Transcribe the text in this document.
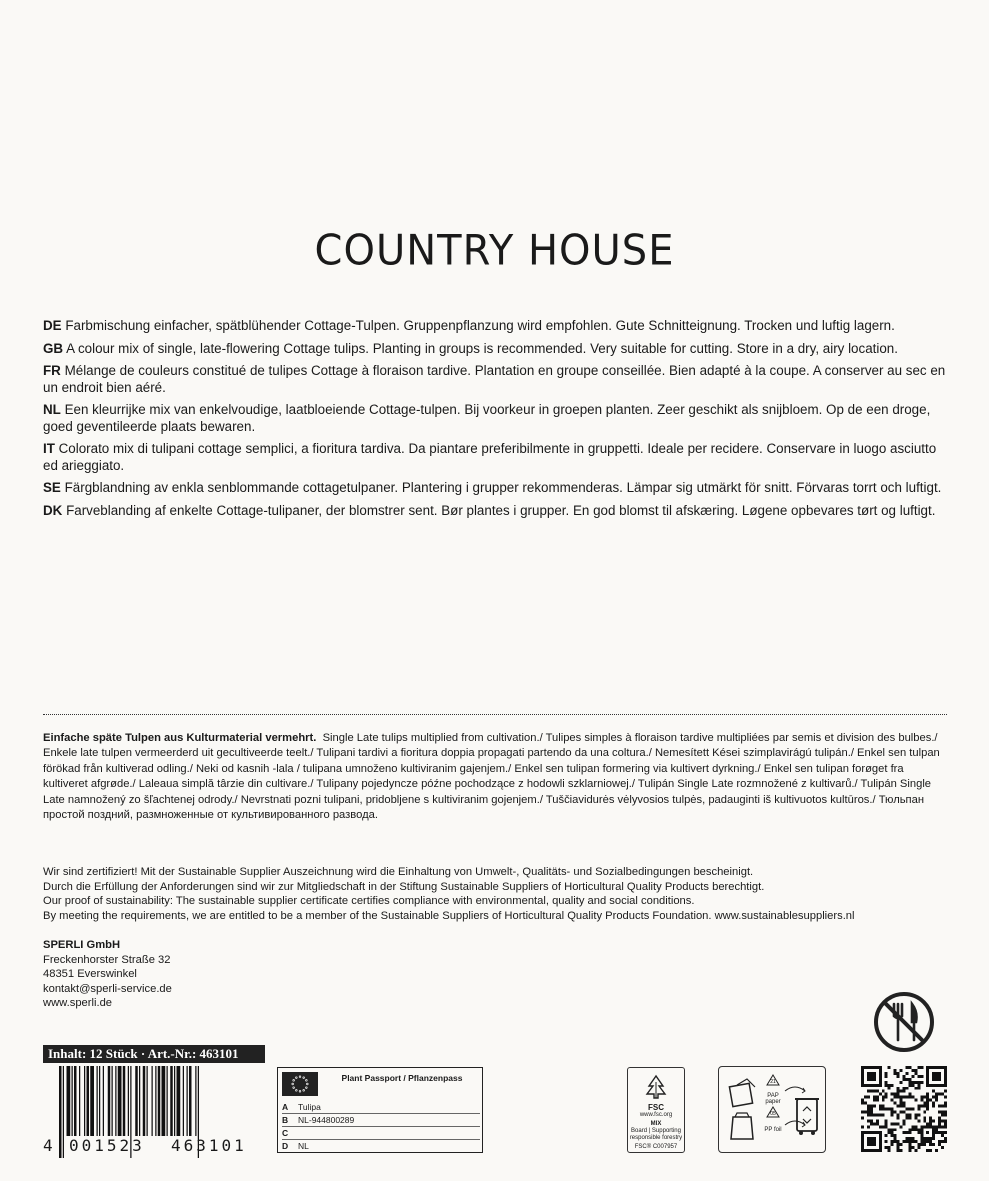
COUNTRY HOUSE

DE Farbmischung einfacher, spätblühender Cottage-Tulpen. Gruppenpflanzung wird empfohlen. Gute Schnitteignung. Trocken und luftig lagern.

GB A colour mix of single, late-flowering Cottage tulips. Planting in groups is recommended. Very suitable for cutting. Store in a dry, airy location.

FR Mélange de couleurs constitué de tulipes Cottage à floraison tardive. Plantation en groupe conseillée. Bien adapté à la coupe. A conserver au sec en un endroit bien aéré.

NL Een kleurrijke mix van enkelvoudige, laatbloeiende Cottage-tulpen. Bij voorkeur in groepen planten. Zeer geschikt als snijbloem. Op de een droge, goed geventileerde plaats bewaren.

IT Colorato mix di tulipani cottage semplici, a fioritura tardiva. Da piantare preferibilmente in gruppetti. Ideale per recidere. Conservare in luogo asciutto ed arieggiato.

SE Färgblandning av enkla senblommande cottagetulpaner. Plantering i grupper rekommenderas. Lämpar sig utmärkt för snitt. Förvaras torrt och luftigt.

DK Farveblanding af enkelte Cottage-tulipaner, der blomstrer sent. Bør plantes i grupper. En god blomst til afskæring. Løgene opbevares tørt og luftigt.

Einfache späte Tulpen aus Kulturmaterial vermehrt. Single Late tulips multiplied from cultivation./ Tulipes simples à floraison tardive multipliées par semis et division des bulbes./ Enkele late tulpen vermeerderd uit gecultiveerde teelt./ Tulipani tardivi a fioritura doppia propagati partendo da una coltura./ Nemesített Kései szimplavirágú tulipán./ Enkel sen tulpan förökad från kultiverad odling./ Neki od kasnih -lala / tulipana umnoženo kultiviranim gajenjem./ Enkel sen tulipan formering via kultivert dyrkning./ Enkel sen tulipan forøget fra kultiveret afgrøde./ Laleaua simplă târzie din cultivare./ Tulipany pojedyncze późne pochodzące z hodowli szklarniowej./ Tulipán Single Late rozmnožené z kultivarů./ Tulipán Single Late namnožený zo šľachtenej odrody./ Nevrstnati pozni tulipani, pridobljene s kultiviranim gojenjem./ Tuščiavidurės vėlyvosios tulpės, padaugintі iš kultivuotos kultūros./ Тюльпан простой поздний, размноженные от культивированного развода.
Wir sind zertifiziert! Mit der Sustainable Supplier Auszeichnung wird die Einhaltung von Umwelt-, Qualitäts- und Sozialbedingungen bescheinigt.
Durch die Erfüllung der Anforderungen sind wir zur Mitgliedschaft in der Stiftung Sustainable Suppliers of Horticultural Quality Products berechtigt.
Our proof of sustainability: The sustainable supplier certificate certifies compliance with environmental, quality and social conditions.
By meeting the requirements, we are entitled to be a member of the Sustainable Suppliers of Horticultural Quality Products Foundation. www.sustainablesuppliers.nl
SPERLI GmbH
Freckenhorster Straße 32
48351 Everswinkel
kontakt@sperli-service.de
www.sperli.de
Inhalt: 12 Stück · Art.-Nr.: 463101
4	001523	463101
Plant Passport / Pflanzenpass
A Tulipa
B NL-944800289
C
D NL
FSC
www.fsc.org
MIX
Board | Supporting responsible forestry
FSC® C007957
21
05
PAP paper
PP foil
